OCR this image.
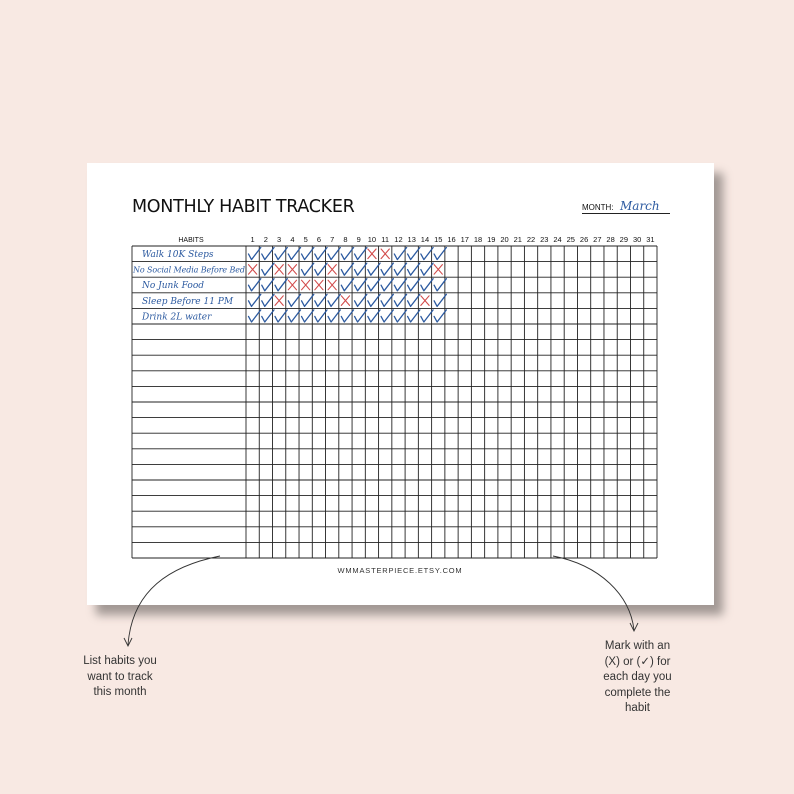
MONTHLY HABIT TRACKER	MONTH: March
HABITS	1 2 3 4 5 6 7 8 9 10 11 12 13 14 15 16 17 18 19 20 21 22 23 24 25 26 27 28 29 30 31
Walk 10K Steps
No Social Media Before Bed
No Junk Food
Sleep Before 11 PM
Drink 2L water
WMMASTERPIECE.ETSY.COM
List habits you
want to track
this month
Mark with an
(X) or (✓) for
each day you
complete the
habit
